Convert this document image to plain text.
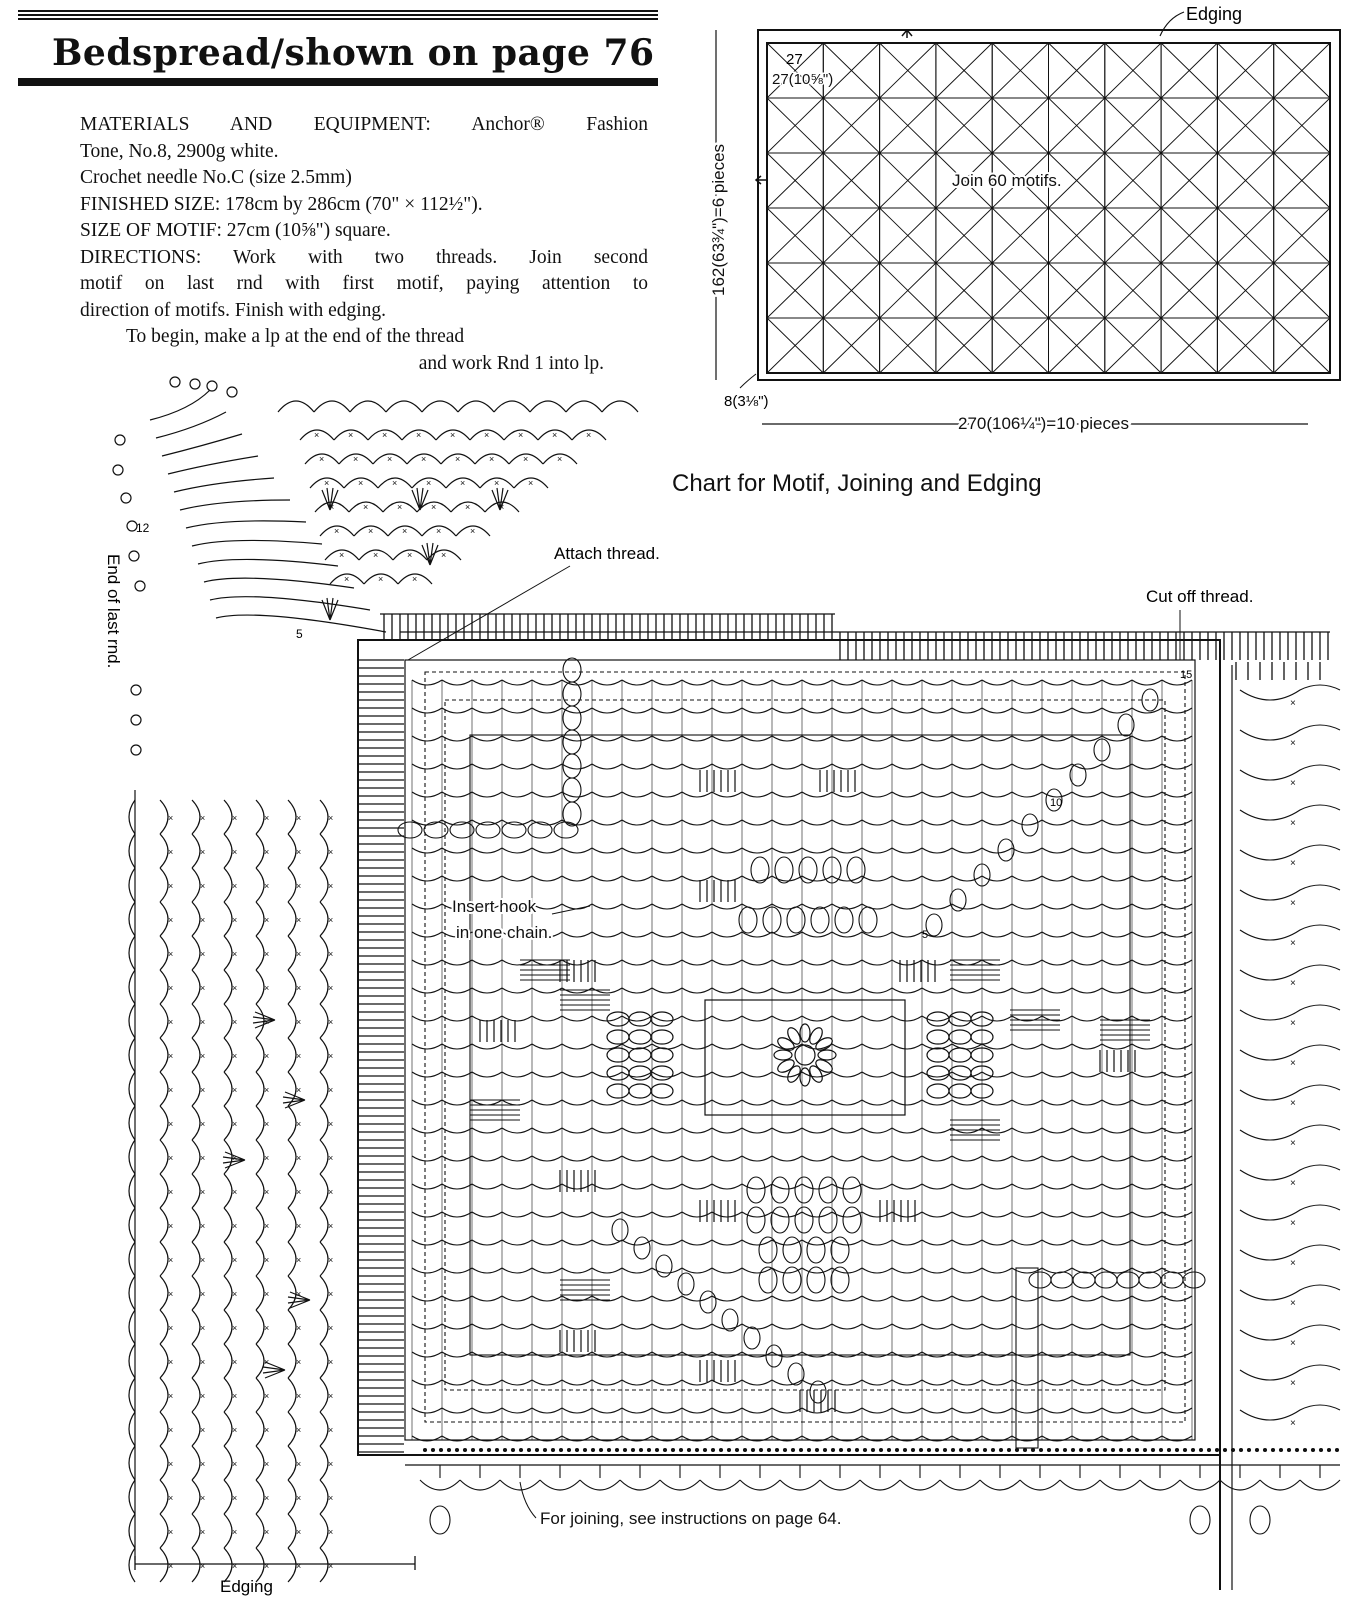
Bedspread/shown on page 76

MATERIALS AND EQUIPMENT: Anchor® Fashion

Tone, No.8, 2900g white.

Crochet needle No.C (size 2.5mm)

FINISHED SIZE: 178cm by 286cm (70" × 112½").

SIZE OF MOTIF: 27cm (10⅝") square.

DIRECTIONS: Work with two threads. Join second

motif on last rnd with first motif, paying attention to

direction of motifs. Finish with edging.

To begin, make a lp at the end of the thread

and work Rnd 1 into lp.

Edging
27
27(10⅝")
Join 60 motifs.
162(63¾")=6 pieces
8(3⅛")
270(106¼")=10 pieces
Chart for Motif, Joining and Edging
×	×	×	×	×	×	×	×	×
×	×	×	×	×	×	×	×
×	×	×	×	×	×	×
×	×	×	×	×	×
×	×	×	×	×
×	×	×	×
×	×	×
×	×	×	×	×	×
×	×	×	×	×	×
×	×	×	×	×	×
×	×	×	×	×	×
×	×	×	×	×	×
×	×	×	×	×	×
×	×	×	×	×	×
×	×	×	×	×	×
×	×	×	×	×	×
×	×	×	×	×	×
×	×	×	×	×	×
×	×	×	×	×	×
×	×	×	×	×	×
×	×	×	×	×	×
×	×	×	×	×	×
×	×	×	×	×	×
×	×	×	×	×	×
×	×	×	×	×	×
×	×	×	×	×	×
×	×	×	×	×	×
×	×	×	×	×	×
×	×	×	×	×	×
×	×	×	×	×	×
×
×
×
×
×
×
×
×
×
×
×
×
×
×
×
×
×
×
×
Attach thread.
Cut off thread.
End of last rnd.
Insert hook
in one chain.
For joining, see instructions on page 64.
Edging
12
5
15
10
5
